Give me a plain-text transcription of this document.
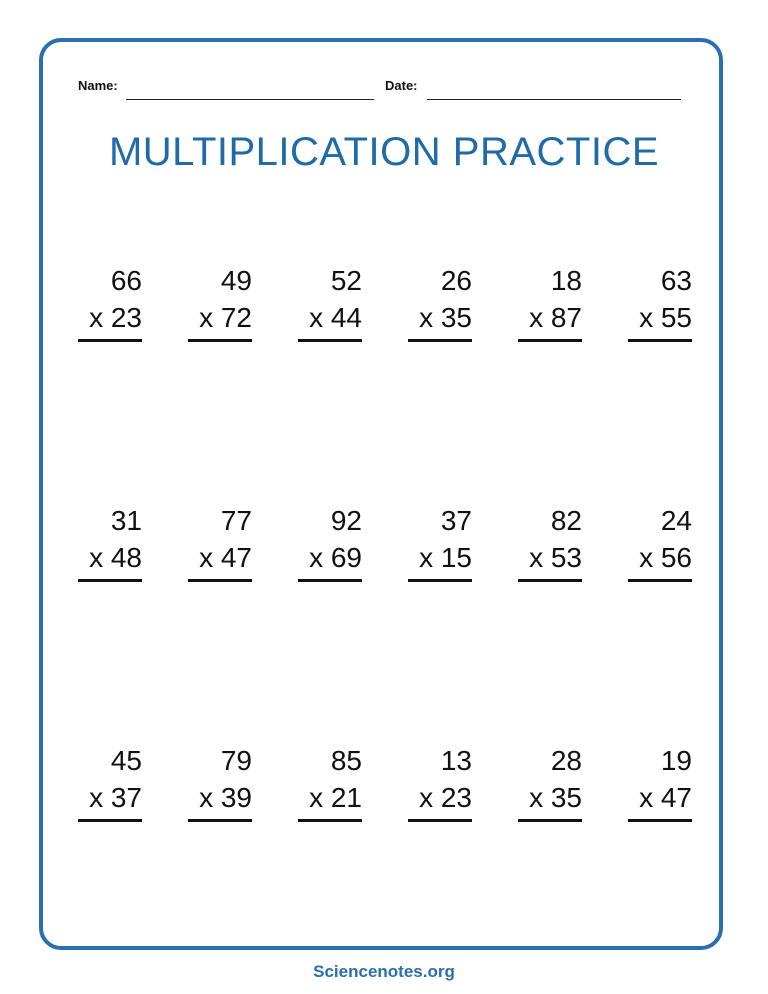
Name:	Date:
MULTIPLICATION PRACTICE
66
x 23
49
x 72
52
x 44
26
x 35
18
x 87
63
x 55
31
x 48
77
x 47
92
x 69
37
x 15
82
x 53
24
x 56
45
x 37
79
x 39
85
x 21
13
x 23
28
x 35
19
x 47
Sciencenotes.org
